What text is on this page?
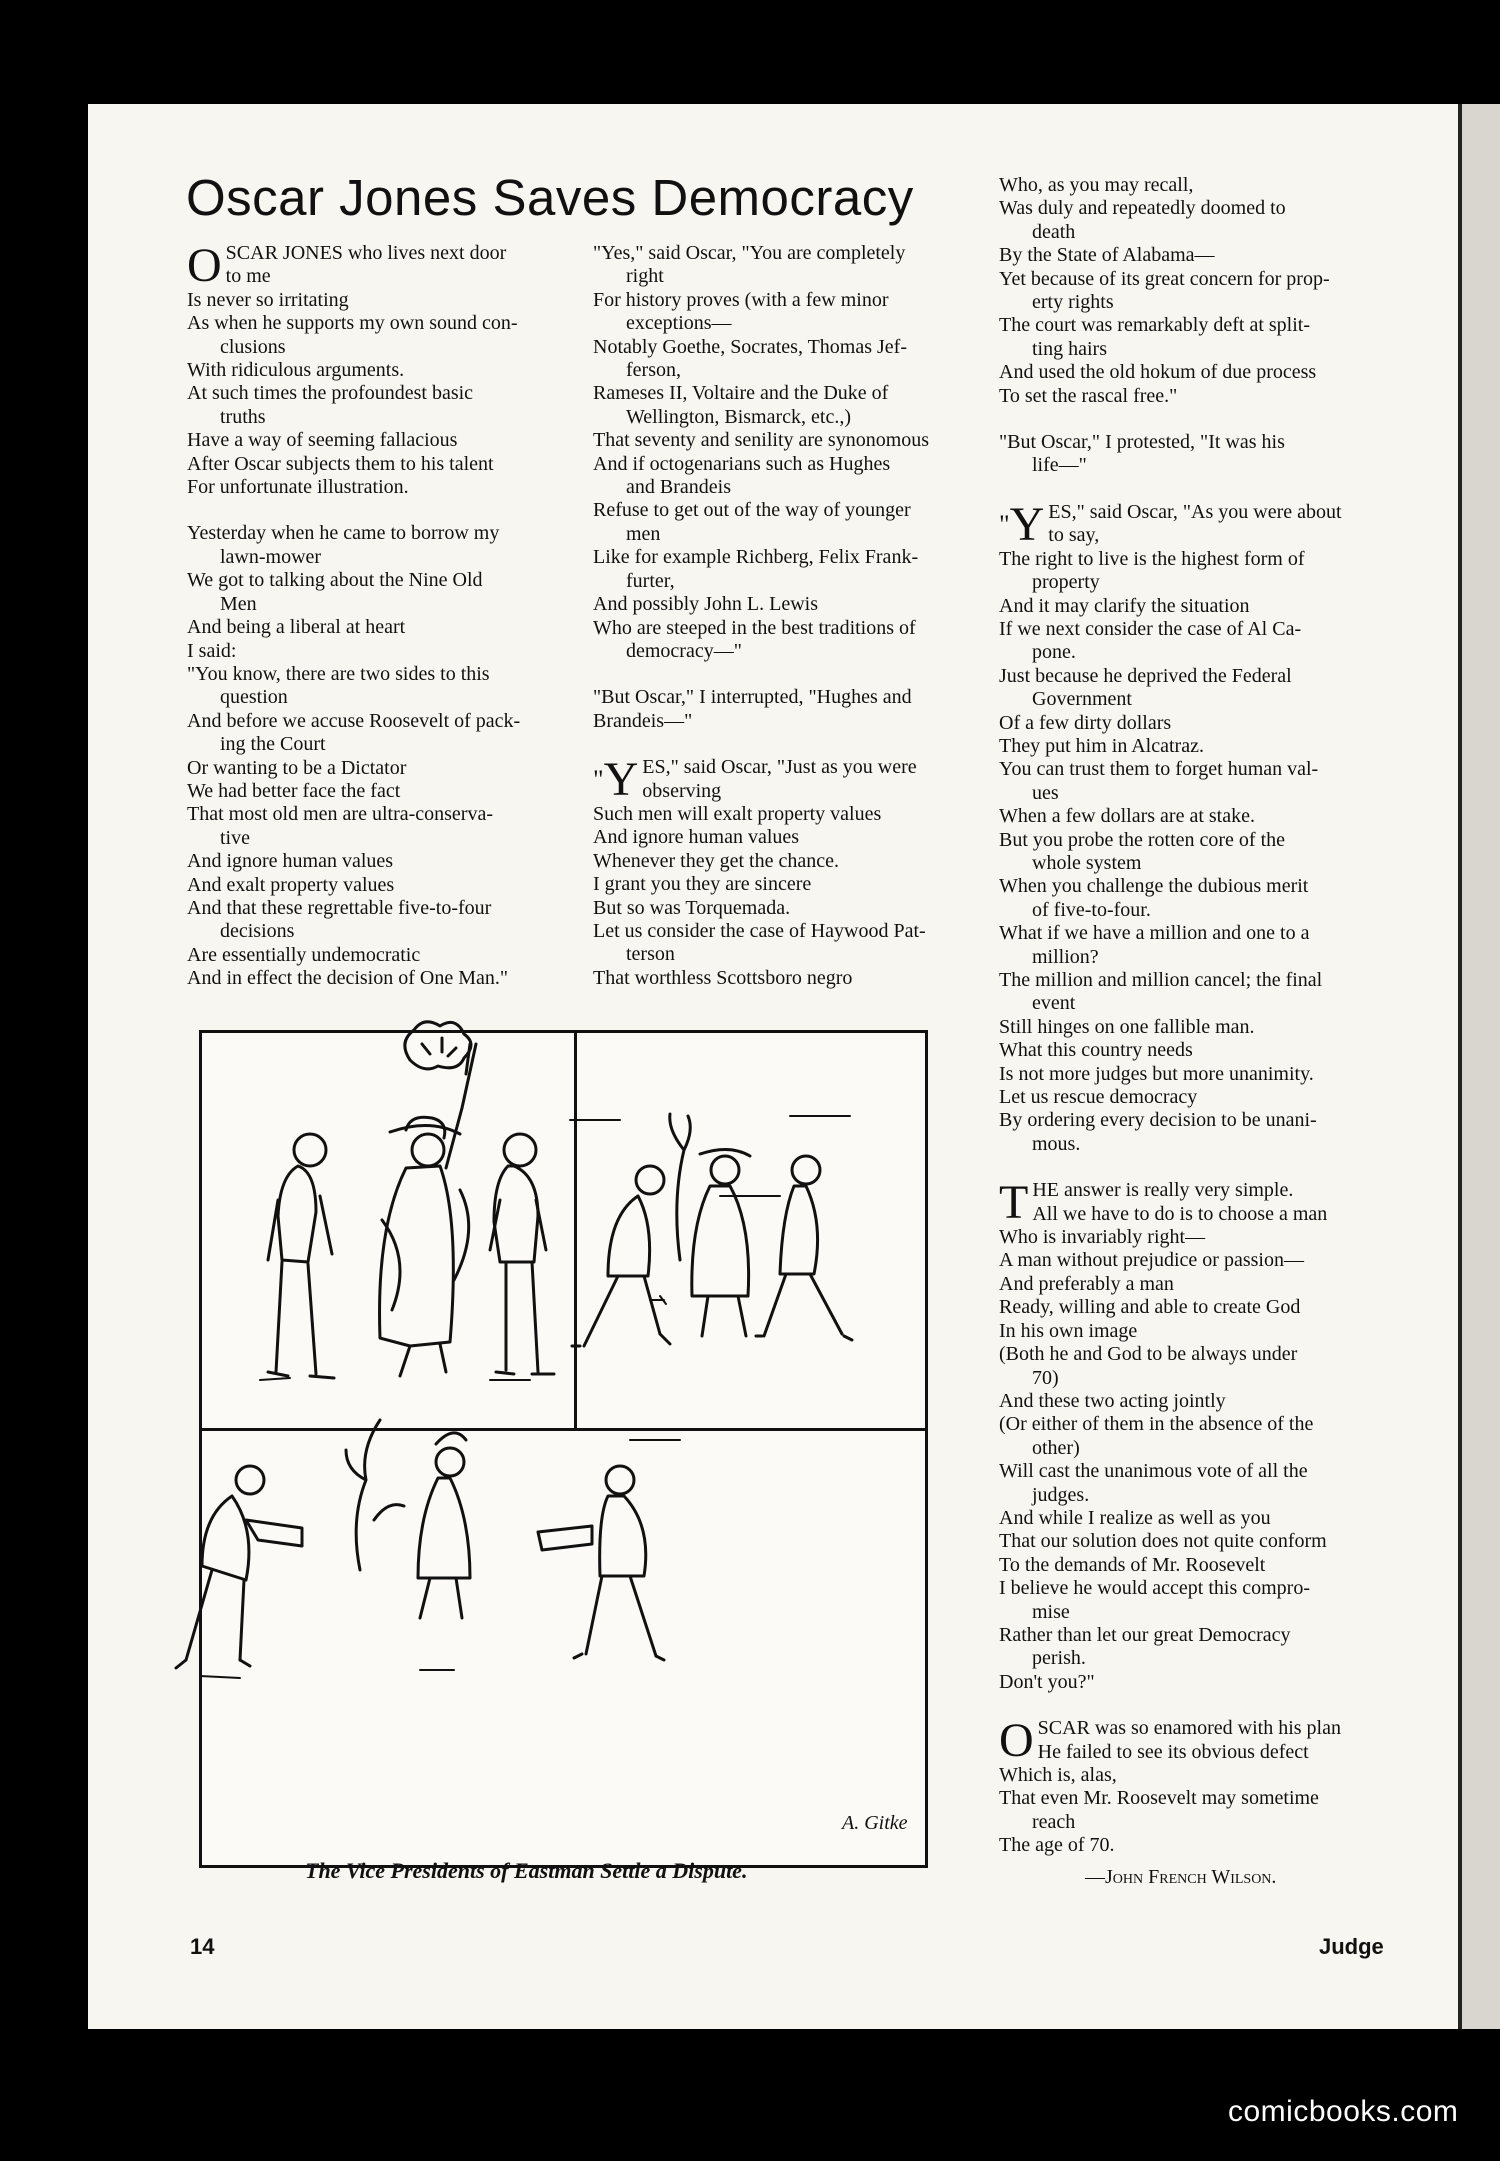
Oscar Jones Saves Democracy
O SCAR JONES who lives next door
to me
Is never so irritating
As when he supports my own sound con-
clusions
With ridiculous arguments.
At such times the profoundest basic
truths
Have a way of seeming fallacious
After Oscar subjects them to his talent
For unfortunate illustration.
Yesterday when he came to borrow my
lawn-mower
We got to talking about the Nine Old
Men
And being a liberal at heart
I said:
"You know, there are two sides to this
question
And before we accuse Roosevelt of pack-
ing the Court
Or wanting to be a Dictator
We had better face the fact
That most old men are ultra-conserva-
tive
And ignore human values
And exalt property values
And that these regrettable five-to-four
decisions
Are essentially undemocratic
And in effect the decision of One Man."
"Yes," said Oscar, "You are completely
right
For history proves (with a few minor
exceptions—
Notably Goethe, Socrates, Thomas Jef-
ferson,
Rameses II, Voltaire and the Duke of
Wellington, Bismarck, etc.,)
That seventy and senility are synonomous
And if octogenarians such as Hughes
and Brandeis
Refuse to get out of the way of younger
men
Like for example Richberg, Felix Frank-
furter,
And possibly John L. Lewis
Who are steeped in the best traditions of
democracy—"
"But Oscar," I interrupted, "Hughes and
Brandeis—"
"Y ES," said Oscar, "Just as you were
observing
Such men will exalt property values
And ignore human values
Whenever they get the chance.
I grant you they are sincere
But so was Torquemada.
Let us consider the case of Haywood Pat-
terson
That worthless Scottsboro negro
Who, as you may recall,
Was duly and repeatedly doomed to
death
By the State of Alabama—
Yet because of its great concern for prop-
erty rights
The court was remarkably deft at split-
ting hairs
And used the old hokum of due process
To set the rascal free."
"But Oscar," I protested, "It was his
life—"
"Y ES," said Oscar, "As you were about
to say,
The right to live is the highest form of
property
And it may clarify the situation
If we next consider the case of Al Ca-
pone.
Just because he deprived the Federal
Government
Of a few dirty dollars
They put him in Alcatraz.
You can trust them to forget human val-
ues
When a few dollars are at stake.
But you probe the rotten core of the
whole system
When you challenge the dubious merit
of five-to-four.
What if we have a million and one to a
million?
The million and million cancel; the final
event
Still hinges on one fallible man.
What this country needs
Is not more judges but more unanimity.
Let us rescue democracy
By ordering every decision to be unani-
mous.
T HE answer is really very simple.
All we have to do is to choose a man
Who is invariably right—
A man without prejudice or passion—
And preferably a man
Ready, willing and able to create God
In his own image
(Both he and God to be always under
70)
And these two acting jointly
(Or either of them in the absence of the
other)
Will cast the unanimous vote of all the
judges.
And while I realize as well as you
That our solution does not quite conform
To the demands of Mr. Roosevelt
I believe he would accept this compro-
mise
Rather than let our great Democracy
perish.
Don't you?"
O SCAR was so enamored with his plan
He failed to see its obvious defect
Which is, alas,
That even Mr. Roosevelt may sometime
reach
The age of 70.
—John French Wilson.
A. Gitke

The Vice Presidents of Eastman Settle a Dispute.

14	Judge

comicbooks.com
